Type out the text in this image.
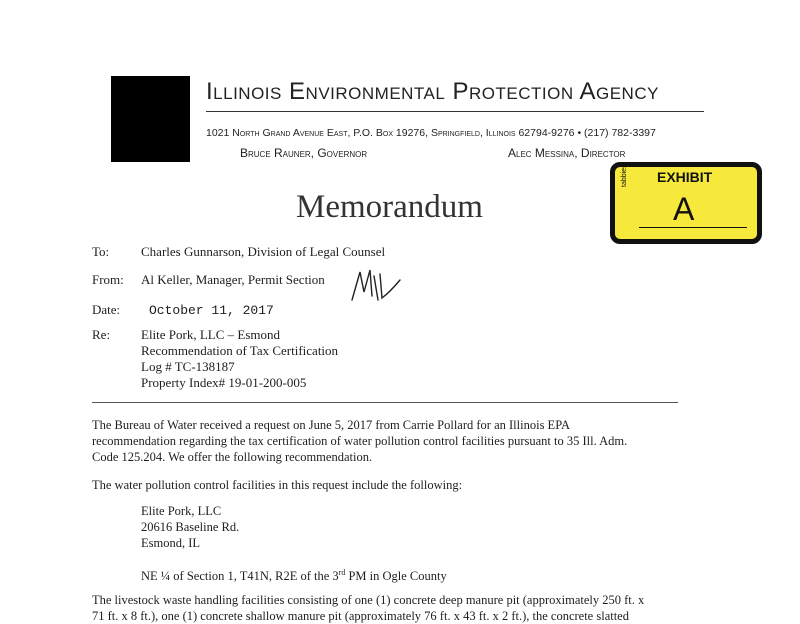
Illinois Environmental Protection Agency
1021 North Grand Avenue East, P.O. Box 19276, Springfield, Illinois 62794-9276 • (217) 782-3397
Bruce Rauner, Governor	Alec Messina, Director
Memorandum
tabbies EXHIBIT
A
To: Charles Gunnarson, Division of Legal Counsel
From: Al Keller, Manager, Permit Section
Date: October 11, 2017
Re: Elite Pork, LLC – Esmond
Recommendation of Tax Certification
Log # TC-138187
Property Index# 19-01-200-005
The Bureau of Water received a request on June 5, 2017 from Carrie Pollard for an Illinois EPA
recommendation regarding the tax certification of water pollution control facilities pursuant to 35 Ill. Adm.
Code 125.204. We offer the following recommendation.
The water pollution control facilities in this request include the following:
Elite Pork, LLC
20616 Baseline Rd.
Esmond, IL
NE ¼ of Section 1, T41N, R2E of the 3rd PM in Ogle County
The livestock waste handling facilities consisting of one (1) concrete deep manure pit (approximately 250 ft. x
71 ft. x 8 ft.), one (1) concrete shallow manure pit (approximately 76 ft. x 43 ft. x 2 ft.), the concrete slatted
